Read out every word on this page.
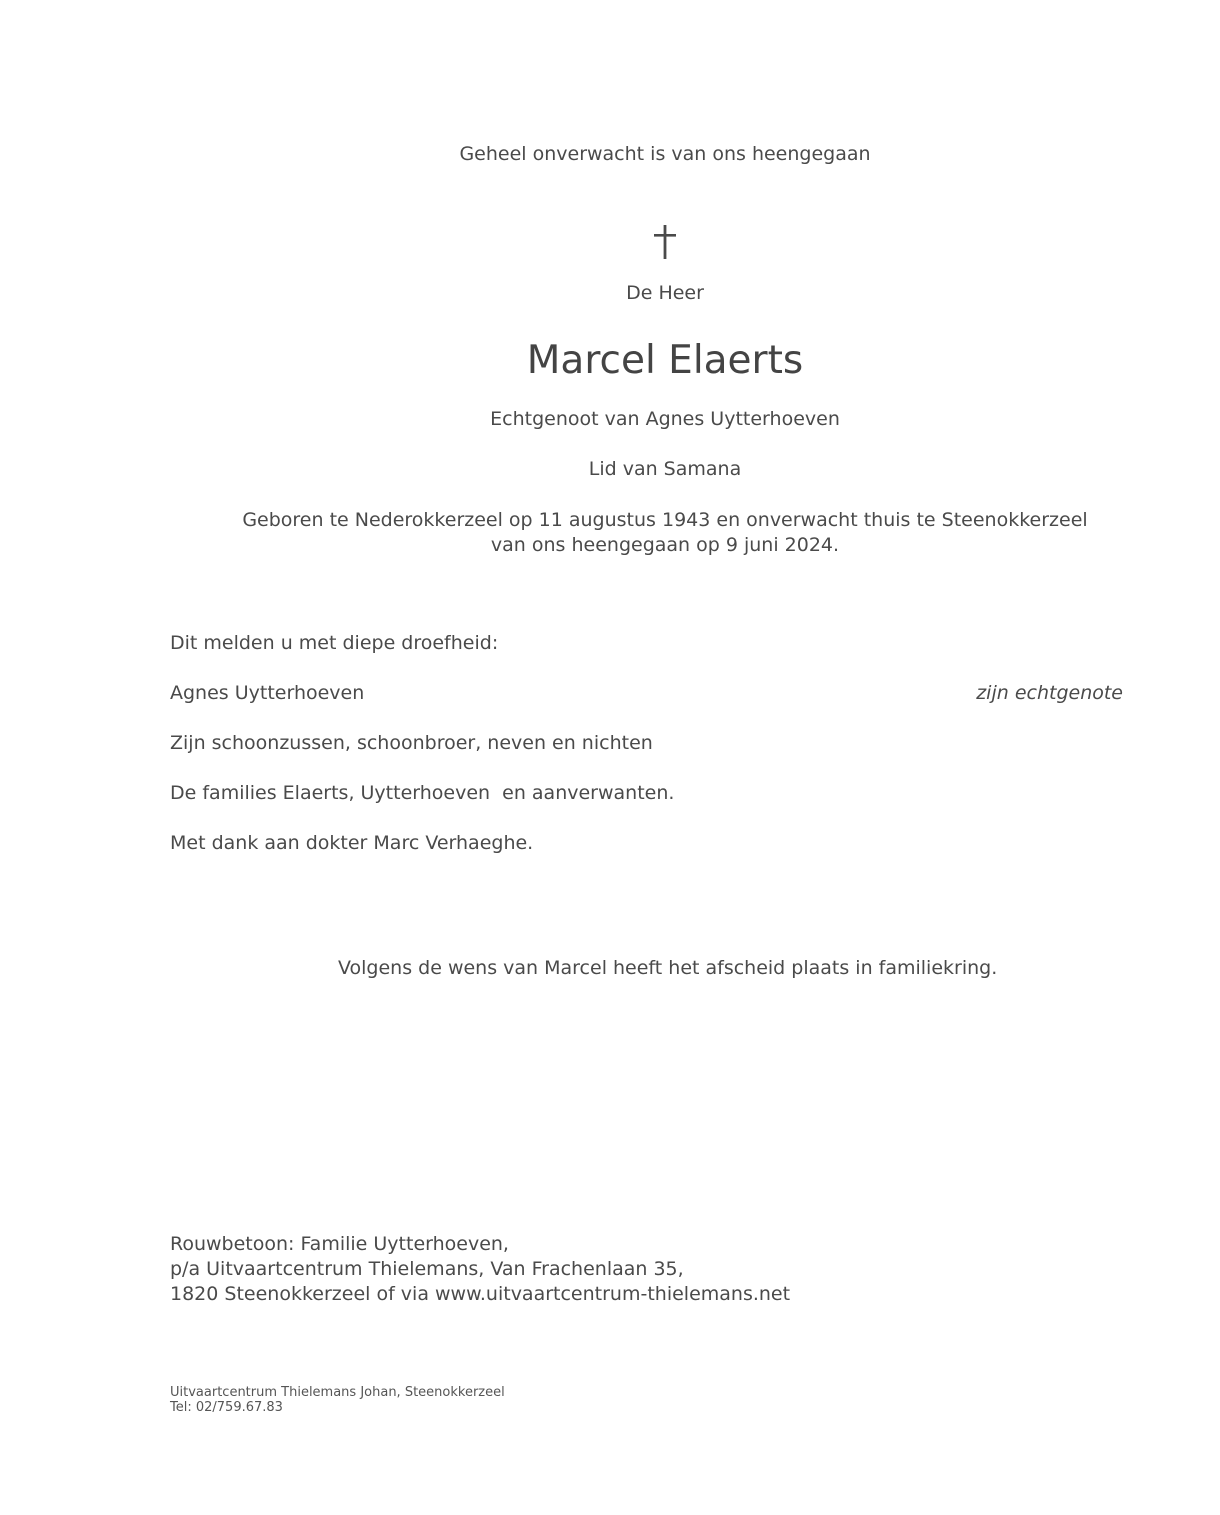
Geheel onverwacht is van ons heengegaan
De Heer
Marcel Elaerts
Echtgenoot van Agnes Uytterhoeven
Lid van Samana
Geboren te Nederokkerzeel op 11 augustus 1943 en onverwacht thuis te Steenokkerzeel
van ons heengegaan op 9 juni 2024.
Dit melden u met diepe droefheid:
Agnes Uytterhoeven	zijn echtgenote
Zijn schoonzussen, schoonbroer, neven en nichten
De families Elaerts, Uytterhoeven  en aanverwanten.
Met dank aan dokter Marc Verhaeghe.
Volgens de wens van Marcel heeft het afscheid plaats in familiekring.
Rouwbetoon: Familie Uytterhoeven,
p/a Uitvaartcentrum Thielemans, Van Frachenlaan 35,
1820 Steenokkerzeel of via www.uitvaartcentrum-thielemans.net
Uitvaartcentrum Thielemans Johan, Steenokkerzeel
Tel: 02/759.67.83
